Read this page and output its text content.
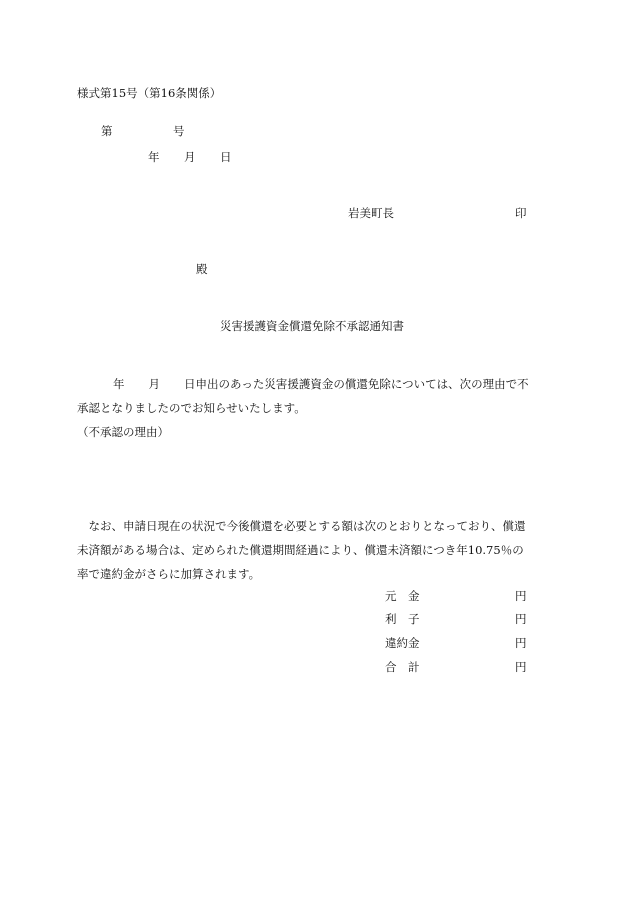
様式第15号（第16条関係）
第	号
年 月 日
岩美町長	印
殿
災害援護資金償還免除不承認通知書
年 月 日申出のあった災害援護資金の償還免除については、次の理由で不承認となりましたのでお知らせいたします。
（不承認の理由）
　なお、申請日現在の状況で今後償還を必要とする額は次のとおりとなっており、償還未済額がある場合は、定められた償還期間経過により、償還未済額につき年10.75％の率で違約金がさらに加算されます。
元　金	円
利　子	円
違約金	円
合　計	円
